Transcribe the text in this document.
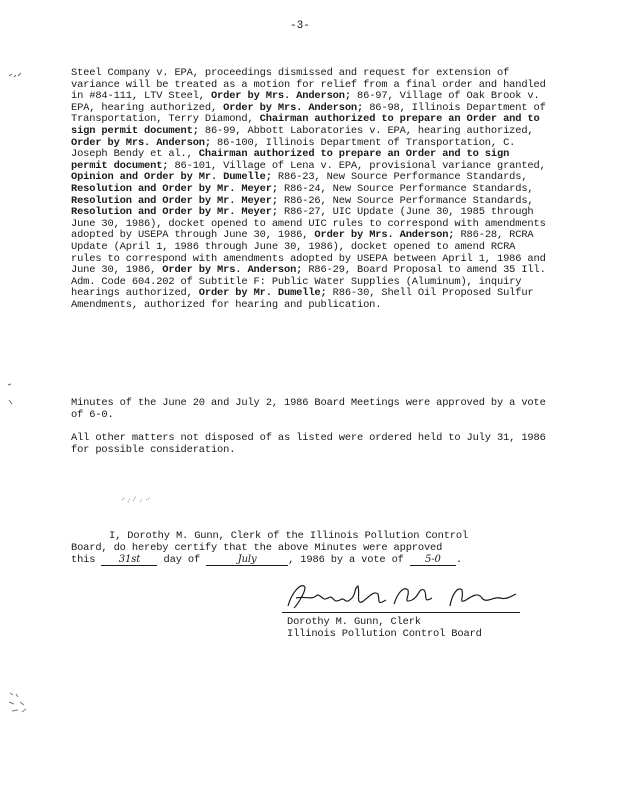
-3-
Steel Company v. EPA, proceedings dismissed and request for extension of variance will be treated as a motion for relief from a final order and handled in #84-111, LTV Steel, Order by Mrs. Anderson; 86-97, Village of Oak Brook v. EPA, hearing authorized, Order by Mrs. Anderson; 86-98, Illinois Department of Transportation, Terry Diamond, Chairman authorized to prepare an Order and to sign permit document; 86-99, Abbott Laboratories v. EPA, hearing authorized, Order by Mrs. Anderson; 86-100, Illinois Department of Transportation, C. Joseph Bendy et al., Chairman authorized to prepare an Order and to sign permit document; 86-101, Village of Lena v. EPA, provisional variance granted, Opinion and Order by Mr. Dumelle; R86-23, New Source Performance Standards, Resolution and Order by Mr. Meyer; R86-24, New Source Performance Standards, Resolution and Order by Mr. Meyer; R86-26, New Source Performance Standards, Resolution and Order by Mr. Meyer; R86-27, UIC Update (June 30, 1985 through June 30, 1986), docket opened to amend UIC rules to correspond with amendments adopted by USEPA through June 30, 1986, Order by Mrs. Anderson; R86-28, RCRA Update (April 1, 1986 through June 30, 1986), docket opened to amend RCRA rules to correspond with amendments adopted by USEPA between April 1, 1986 and June 30, 1986, Order by Mrs. Anderson; R86-29, Board Proposal to amend 35 Ill. Adm. Code 604.202 of Subtitle F: Public Water Supplies (Aluminum), inquiry hearings authorized, Order by Mr. Dumelle; R86-30, Shell Oil Proposed Sulfur Amendments, authorized for hearing and publication.
Minutes of the June 20 and July 2, 1986 Board Meetings were approved by a vote of 6-0.
All other matters not disposed of as listed were ordered held to July 31, 1986 for possible consideration.
I, Dorothy M. Gunn, Clerk of the Illinois Pollution Control
Board, do hereby certify that the above Minutes were approved
this 31st day of	July	, 1986 by a vote of 5-0 .
Dorothy M. Gunn, Clerk
Illinois Pollution Control Board
